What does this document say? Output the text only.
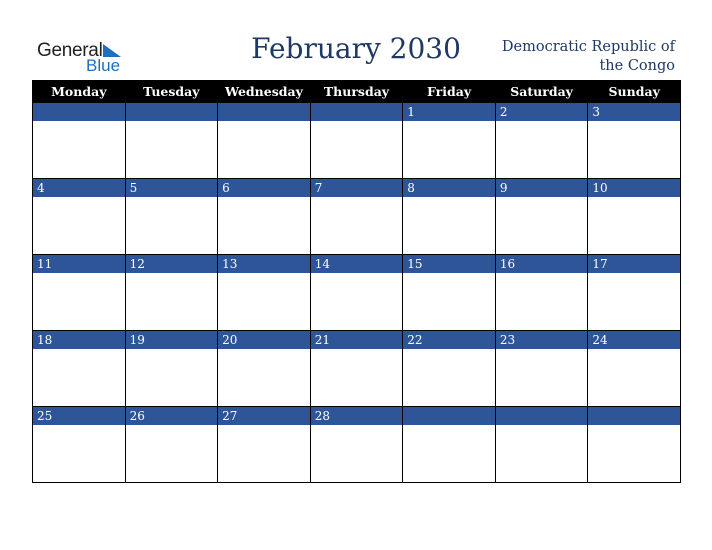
General
Blue
February 2030	Democratic Republic of
the Congo
Monday	Tuesday	Wednesday	Thursday	Friday	Saturday	Sunday

				1	2	3

4	5	6	7	8	9	10

11	12	13	14	15	16	17

18	19	20	21	22	23	24

25	26	27	28			
